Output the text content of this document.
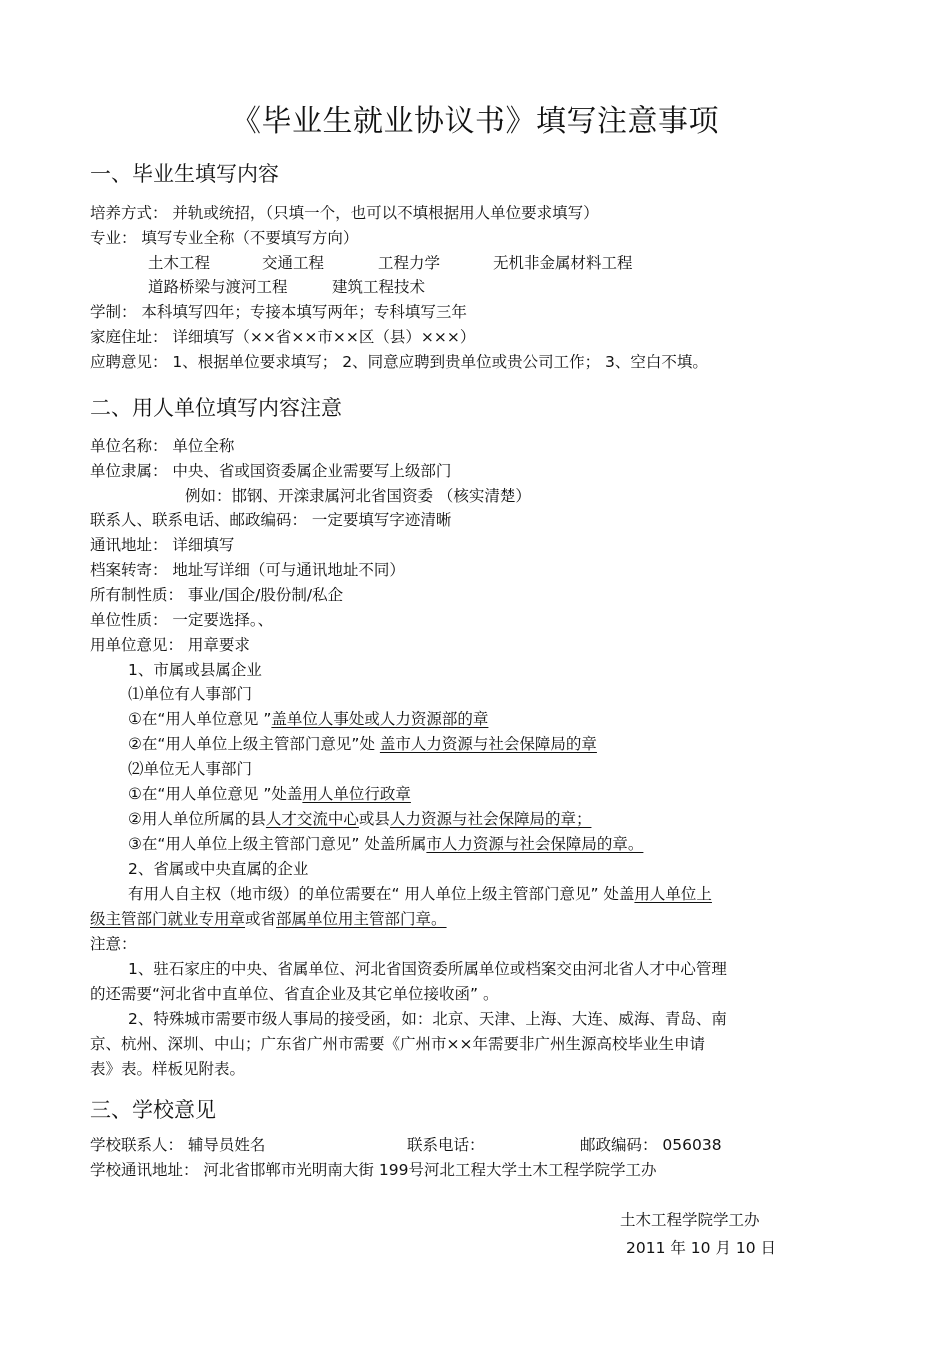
《毕业生就业协议书》填写注意事项
一、毕业生填写内容
培养方式： 并轨或统招，（只填一个，也可以不填根据用人单位要求填写）
专业： 填写专业全称（不要填写方向）
土木工程	交通工程	工程力学	无机非金属材料工程
道路桥梁与渡河工程	建筑工程技术
学制： 本科填写四年；专接本填写两年；专科填写三年
家庭住址： 详细填写（××省××市××区（县）×××）
应聘意见： 1、根据单位要求填写； 2、同意应聘到贵单位或贵公司工作； 3、空白不填。
二、用人单位填写内容注意
单位名称： 单位全称
单位隶属： 中央、省或国资委属企业需要写上级部门
例如：邯钢、开滦隶属河北省国资委 （核实清楚）
联系人、联系电话、邮政编码： 一定要填写字迹清晰
通讯地址： 详细填写
档案转寄： 地址写详细（可与通讯地址不同）
所有制性质： 事业/国企/股份制/私企
单位性质： 一定要选择。、
用单位意见： 用章要求
1、市属或县属企业
⑴单位有人事部门
①在“用人单位意见 ”盖单位人事处或人力资源部的章
②在“用人单位上级主管部门意见”处 盖市人力资源与社会保障局的章
⑵单位无人事部门
①在“用人单位意见 ”处盖用人单位行政章
②用人单位所属的县人才交流中心或县人力资源与社会保障局的章；
③在“用人单位上级主管部门意见” 处盖所属市人力资源与社会保障局的章。
2、省属或中央直属的企业
有用人自主权（地市级）的单位需要在“ 用人单位上级主管部门意见” 处盖用人单位上
级主管部门就业专用章或省部属单位用主管部门章。
注意：
1、驻石家庄的中央、省属单位、河北省国资委所属单位或档案交由河北省人才中心管理
的还需要“河北省中直单位、省直企业及其它单位接收函” 。
2、特殊城市需要市级人事局的接受函，如：北京、天津、上海、大连、威海、青岛、南
京、杭州、深圳、中山；广东省广州市需要《广州市××年需要非广州生源高校毕业生申请
表》表。样板见附表。
三、学校意见
学校联系人： 辅导员姓名	联系电话：	邮政编码： 056038
学校通讯地址： 河北省邯郸市光明南大街 199号河北工程大学土木工程学院学工办
土木工程学院学工办
2011 年 10 月 10 日
